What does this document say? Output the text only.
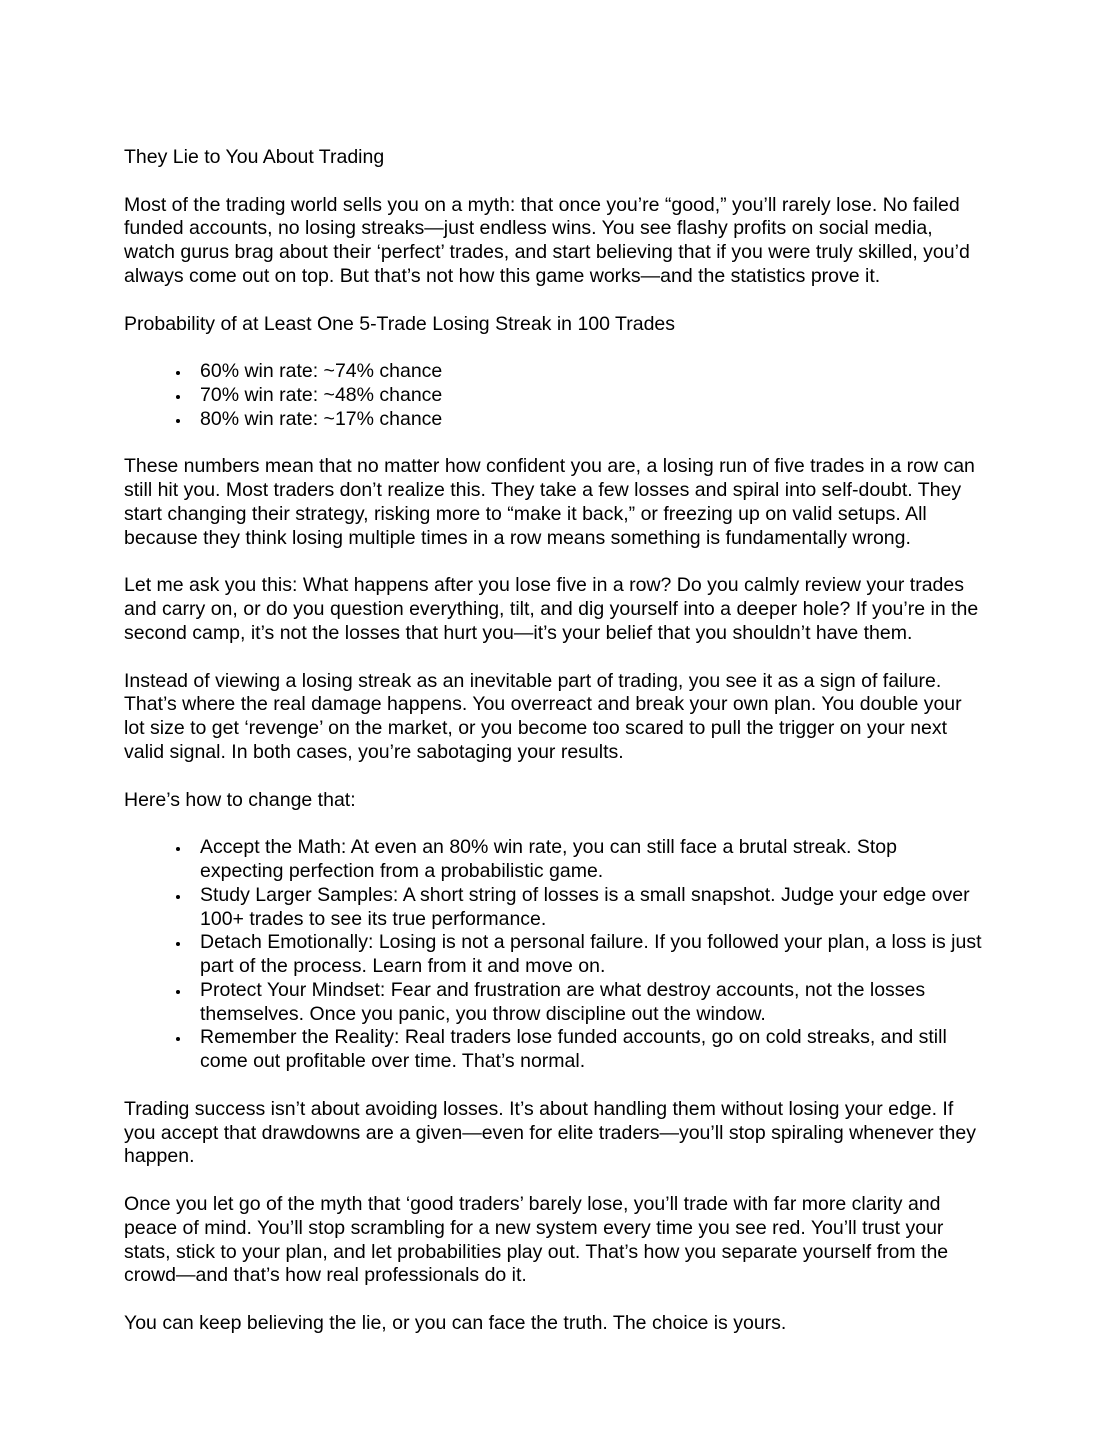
They Lie to You About Trading

Most of the trading world sells you on a myth: that once you’re “good,” you’ll rarely lose. No failed funded accounts, no losing streaks—just endless wins. You see flashy profits on social media, watch gurus brag about their ‘perfect’ trades, and start believing that if you were truly skilled, you’d always come out on top. But that’s not how this game works—and the statistics prove it.

Probability of at Least One 5-Trade Losing Streak in 100 Trades

• 60% win rate: ~74% chance
• 70% win rate: ~48% chance
• 80% win rate: ~17% chance

These numbers mean that no matter how confident you are, a losing run of five trades in a row can still hit you. Most traders don’t realize this. They take a few losses and spiral into self-doubt. They start changing their strategy, risking more to “make it back,” or freezing up on valid setups. All because they think losing multiple times in a row means something is fundamentally wrong.

Let me ask you this: What happens after you lose five in a row? Do you calmly review your trades and carry on, or do you question everything, tilt, and dig yourself into a deeper hole? If you’re in the second camp, it’s not the losses that hurt you—it’s your belief that you shouldn’t have them.

Instead of viewing a losing streak as an inevitable part of trading, you see it as a sign of failure. That’s where the real damage happens. You overreact and break your own plan. You double your lot size to get ‘revenge’ on the market, or you become too scared to pull the trigger on your next valid signal. In both cases, you’re sabotaging your results.

Here’s how to change that:

• Accept the Math: At even an 80% win rate, you can still face a brutal streak. Stop expecting perfection from a probabilistic game.
• Study Larger Samples: A short string of losses is a small snapshot. Judge your edge over 100+ trades to see its true performance.
• Detach Emotionally: Losing is not a personal failure. If you followed your plan, a loss is just part of the process. Learn from it and move on.
• Protect Your Mindset: Fear and frustration are what destroy accounts, not the losses themselves. Once you panic, you throw discipline out the window.
• Remember the Reality: Real traders lose funded accounts, go on cold streaks, and still come out profitable over time. That’s normal.

Trading success isn’t about avoiding losses. It’s about handling them without losing your edge. If you accept that drawdowns are a given—even for elite traders—you’ll stop spiraling whenever they happen.

Once you let go of the myth that ‘good traders’ barely lose, you’ll trade with far more clarity and peace of mind. You’ll stop scrambling for a new system every time you see red. You’ll trust your stats, stick to your plan, and let probabilities play out. That’s how you separate yourself from the crowd—and that’s how real professionals do it.

You can keep believing the lie, or you can face the truth. The choice is yours.
